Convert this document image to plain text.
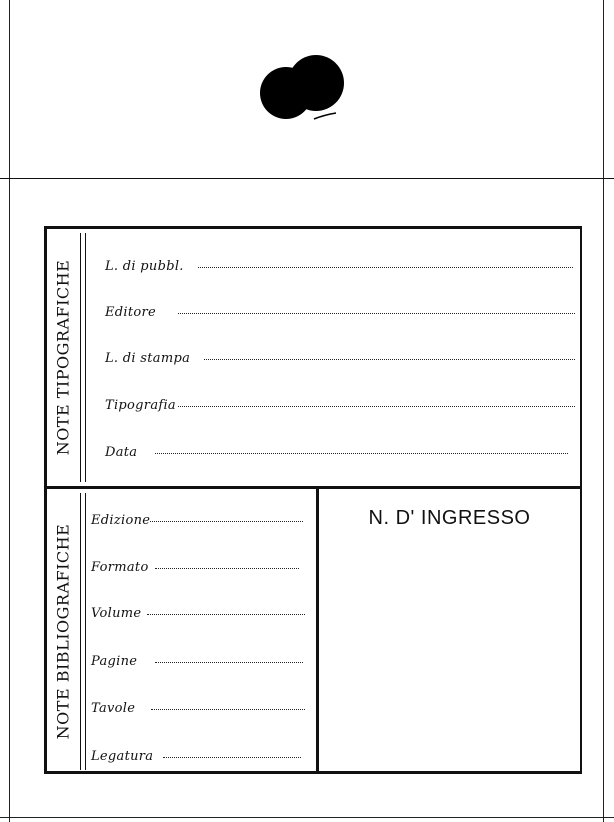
NOTE TIPOGRAFICHE L. di pubbl.
Editore
L. di stampa
Tipografia
Data
NOTE BIBLIOGRAFICHE
Edizione
Formato
Volume
Pagine
Tavole
Legatura
N. D' INGRESSO
